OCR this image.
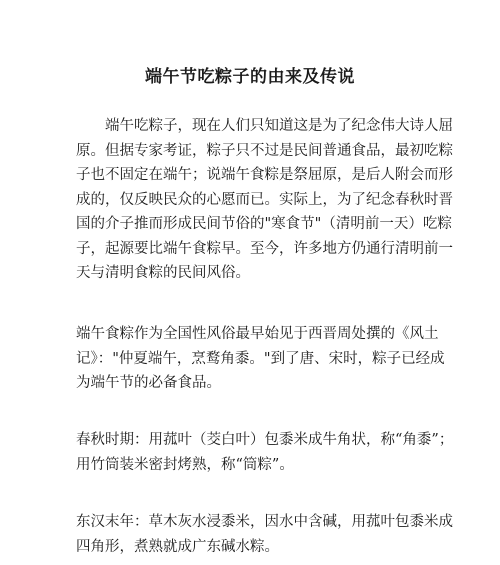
端午节吃粽子的由来及传说
　　端午吃粽子，现在人们只知道这是为了纪念伟大诗人屈
原。但据专家考证，粽子只不过是民间普通食品，最初吃粽
子也不固定在端午；说端午食粽是祭屈原，是后人附会而形
成的，仅反映民众的心愿而已。实际上，为了纪念春秋时晋
国的介子推而形成民间节俗的"寒食节"（清明前一天）吃粽
子，起源要比端午食粽早。至今，许多地方仍通行清明前一
天与清明食粽的民间风俗。
端午食粽作为全国性风俗最早始见于西晋周处撰的《风土
记》："仲夏端午，烹鹜角黍。"到了唐、宋时，粽子已经成
为端午节的必备食品。
春秋时期：用菰叶（茭白叶）包黍米成牛角状，称“角黍”；
用竹筒装米密封烤熟，称“筒粽”。
东汉末年：草木灰水浸黍米，因水中含碱，用菰叶包黍米成
四角形，煮熟就成广东碱水粽。
